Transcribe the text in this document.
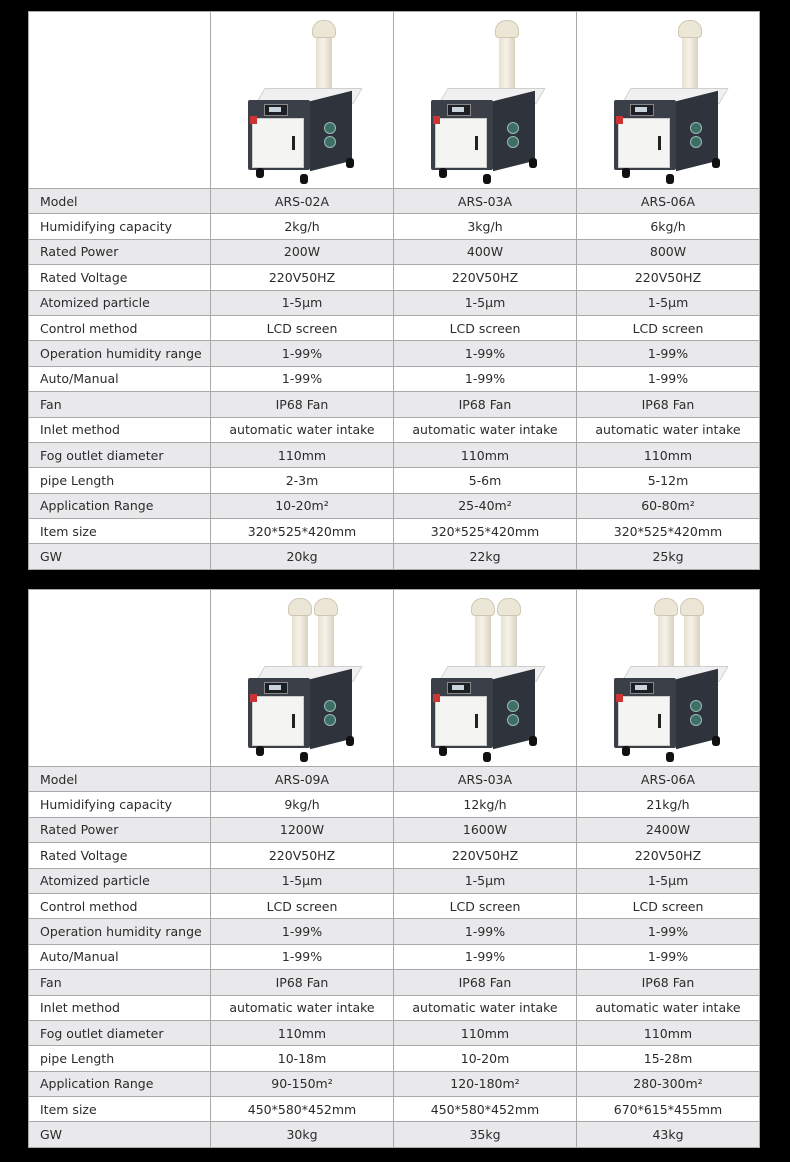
Model	ARS-02A	ARS-03A	ARS-06A
Humidifying capacity	2kg/h	3kg/h	6kg/h
Rated Power	200W	400W	800W
Rated Voltage	220V50HZ	220V50HZ	220V50HZ
Atomized particle	1-5μm	1-5μm	1-5μm
Control method	LCD screen	LCD screen	LCD screen
Operation humidity range	1-99%	1-99%	1-99%
Auto/Manual	1-99%	1-99%	1-99%
Fan	IP68 Fan	IP68 Fan	IP68 Fan
Inlet method	automatic water intake	automatic water intake	automatic water intake
Fog outlet diameter	110mm	110mm	110mm
pipe Length	2-3m	5-6m	5-12m
Application Range	10-20m²	25-40m²	60-80m²
Item size	320*525*420mm	320*525*420mm	320*525*420mm
GW	20kg	22kg	25kg

Model	ARS-09A	ARS-03A	ARS-06A
Humidifying capacity	9kg/h	12kg/h	21kg/h
Rated Power	1200W	1600W	2400W
Rated Voltage	220V50HZ	220V50HZ	220V50HZ
Atomized particle	1-5μm	1-5μm	1-5μm
Control method	LCD screen	LCD screen	LCD screen
Operation humidity range	1-99%	1-99%	1-99%
Auto/Manual	1-99%	1-99%	1-99%
Fan	IP68 Fan	IP68 Fan	IP68 Fan
Inlet method	automatic water intake	automatic water intake	automatic water intake
Fog outlet diameter	110mm	110mm	110mm
pipe Length	10-18m	10-20m	15-28m
Application Range	90-150m²	120-180m²	280-300m²
Item size	450*580*452mm	450*580*452mm	670*615*455mm
GW	30kg	35kg	43kg
